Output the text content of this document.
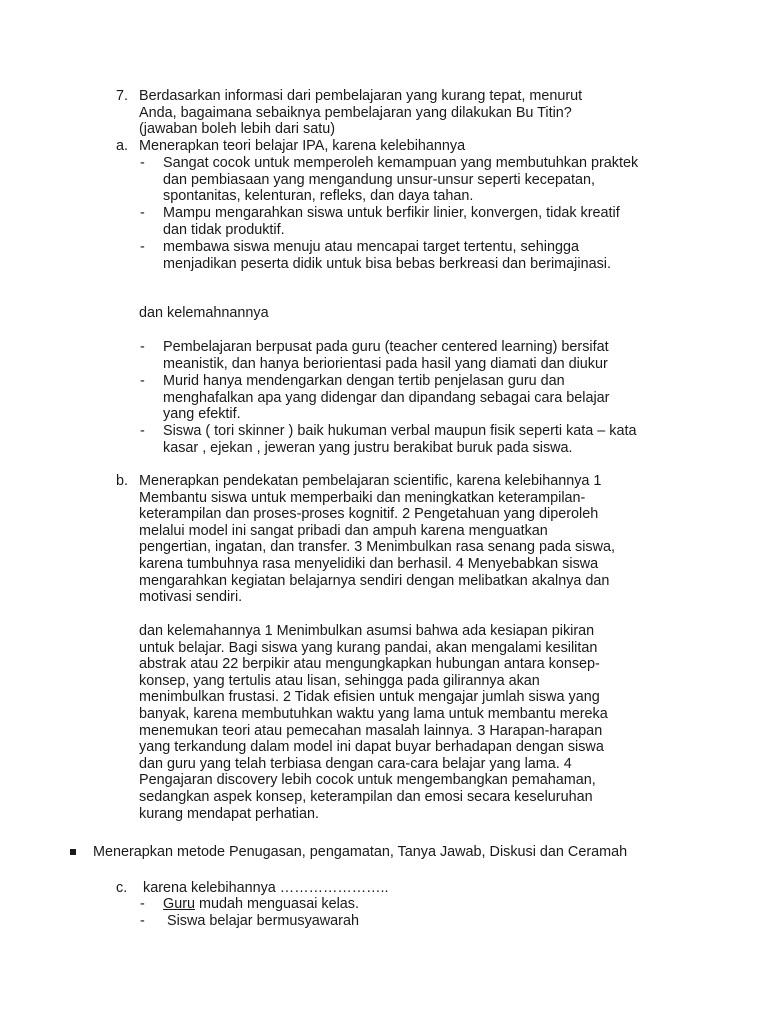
7. Berdasarkan informasi dari pembelajaran yang kurang tepat, menurut
Anda, bagaimana sebaiknya pembelajaran yang dilakukan Bu Titin?
(jawaban boleh lebih dari satu)
a. Menerapkan teori belajar IPA, karena kelebihannya
- Sangat cocok untuk memperoleh kemampuan yang membutuhkan praktek
dan pembiasaan yang mengandung unsur-unsur seperti kecepatan,
spontanitas, kelenturan, refleks, dan daya tahan.
- Mampu mengarahkan siswa untuk berfikir linier, konvergen, tidak kreatif
dan tidak produktif.
- membawa siswa menuju atau mencapai target tertentu, sehingga
menjadikan peserta didik untuk bisa bebas berkreasi dan berimajinasi.
dan kelemahnannya
- Pembelajaran berpusat pada guru (teacher centered learning) bersifat
meanistik, dan hanya beriorientasi pada hasil yang diamati dan diukur
- Murid hanya mendengarkan dengan tertib penjelasan guru dan
menghafalkan apa yang didengar dan dipandang sebagai cara belajar
yang efektif.
- Siswa ( tori skinner ) baik hukuman verbal maupun fisik seperti kata – kata
kasar , ejekan , jeweran yang justru berakibat buruk pada siswa.
b. Menerapkan pendekatan pembelajaran scientific, karena kelebihannya 1
Membantu siswa untuk memperbaiki dan meningkatkan keterampilan-
keterampilan dan proses-proses kognitif. 2 Pengetahuan yang diperoleh
melalui model ini sangat pribadi dan ampuh karena menguatkan
pengertian, ingatan, dan transfer. 3 Menimbulkan rasa senang pada siswa,
karena tumbuhnya rasa menyelidiki dan berhasil. 4 Menyebabkan siswa
mengarahkan kegiatan belajarnya sendiri dengan melibatkan akalnya dan
motivasi sendiri.
dan kelemahannya 1 Menimbulkan asumsi bahwa ada kesiapan pikiran
untuk belajar. Bagi siswa yang kurang pandai, akan mengalami kesilitan
abstrak atau 22 berpikir atau mengungkapkan hubungan antara konsep-
konsep, yang tertulis atau lisan, sehingga pada gilirannya akan
menimbulkan frustasi. 2 Tidak efisien untuk mengajar jumlah siswa yang
banyak, karena membutuhkan waktu yang lama untuk membantu mereka
menemukan teori atau pemecahan masalah lainnya. 3 Harapan-harapan
yang terkandung dalam model ini dapat buyar berhadapan dengan siswa
dan guru yang telah terbiasa dengan cara-cara belajar yang lama. 4
Pengajaran discovery lebih cocok untuk mengembangkan pemahaman,
sedangkan aspek konsep, keterampilan dan emosi secara keseluruhan
kurang mendapat perhatian.
Menerapkan metode Penugasan, pengamatan, Tanya Jawab, Diskusi dan Ceramah
c. karena kelebihannya …………………..
- Guru mudah menguasai kelas.
- Siswa belajar bermusyawarah
